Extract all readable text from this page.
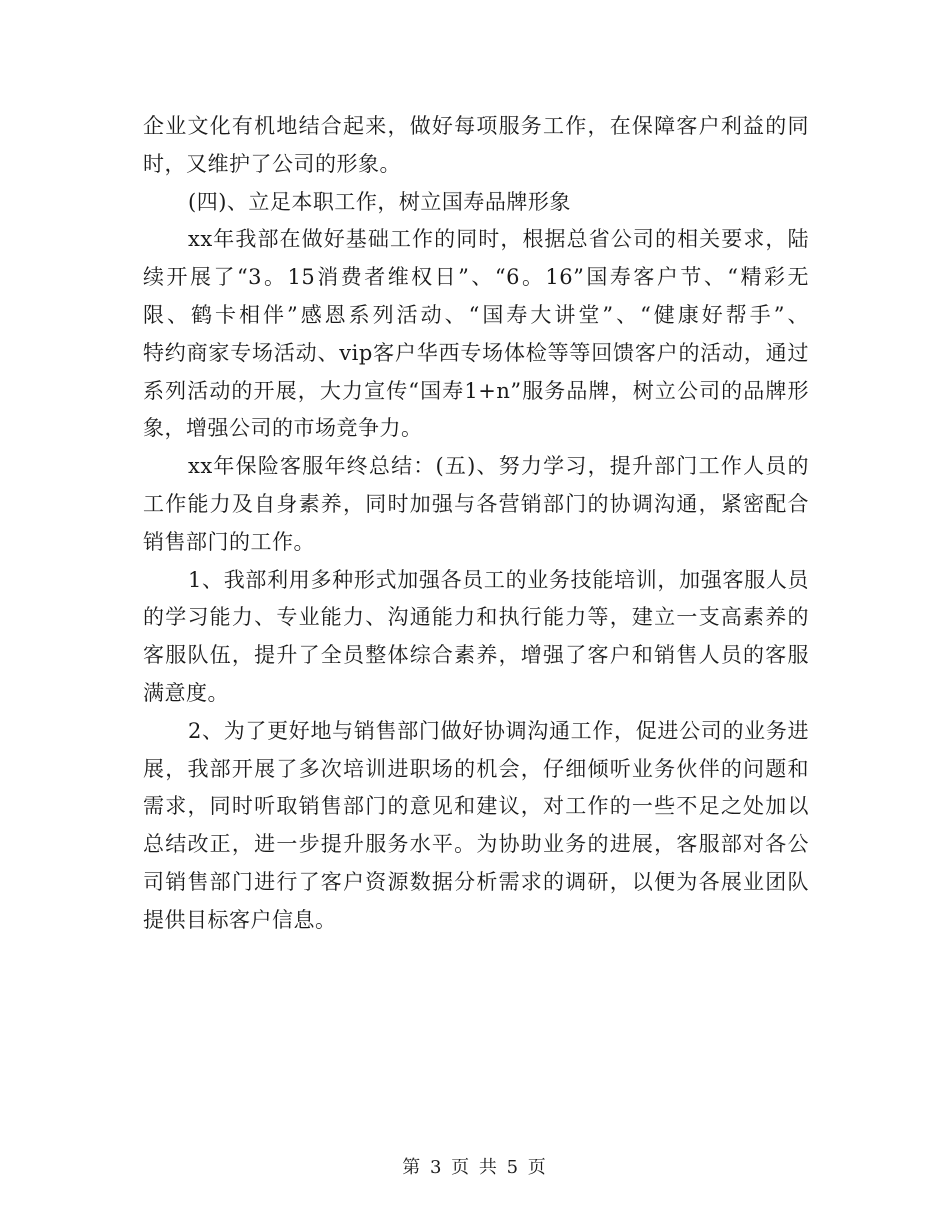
企业文化有机地结合起来，做好每项服务工作，在保障客户利益的同
时，又维护了公司的形象。
(四)、立足本职工作，树立国寿品牌形象
xx年我部在做好基础工作的同时，根据总省公司的相关要求，陆
续开展了“3。15消费者维权日”、“6。16”国寿客户节、“精彩无
限、鹤卡相伴”感恩系列活动、“国寿大讲堂”、“健康好帮手”、
特约商家专场活动、vip客户华西专场体检等等回馈客户的活动，通过
系列活动的开展，大力宣传“国寿1+n”服务品牌，树立公司的品牌形
象，增强公司的市场竞争力。
xx年保险客服年终总结：(五)、努力学习，提升部门工作人员的
工作能力及自身素养，同时加强与各营销部门的协调沟通，紧密配合
销售部门的工作。
1、我部利用多种形式加强各员工的业务技能培训，加强客服人员
的学习能力、专业能力、沟通能力和执行能力等，建立一支高素养的
客服队伍，提升了全员整体综合素养，增强了客户和销售人员的客服
满意度。
2、为了更好地与销售部门做好协调沟通工作，促进公司的业务进
展，我部开展了多次培训进职场的机会，仔细倾听业务伙伴的问题和
需求，同时听取销售部门的意见和建议，对工作的一些不足之处加以
总结改正，进一步提升服务水平。为协助业务的进展，客服部对各公
司销售部门进行了客户资源数据分析需求的调研，以便为各展业团队
提供目标客户信息。
第 3 页 共 5 页
